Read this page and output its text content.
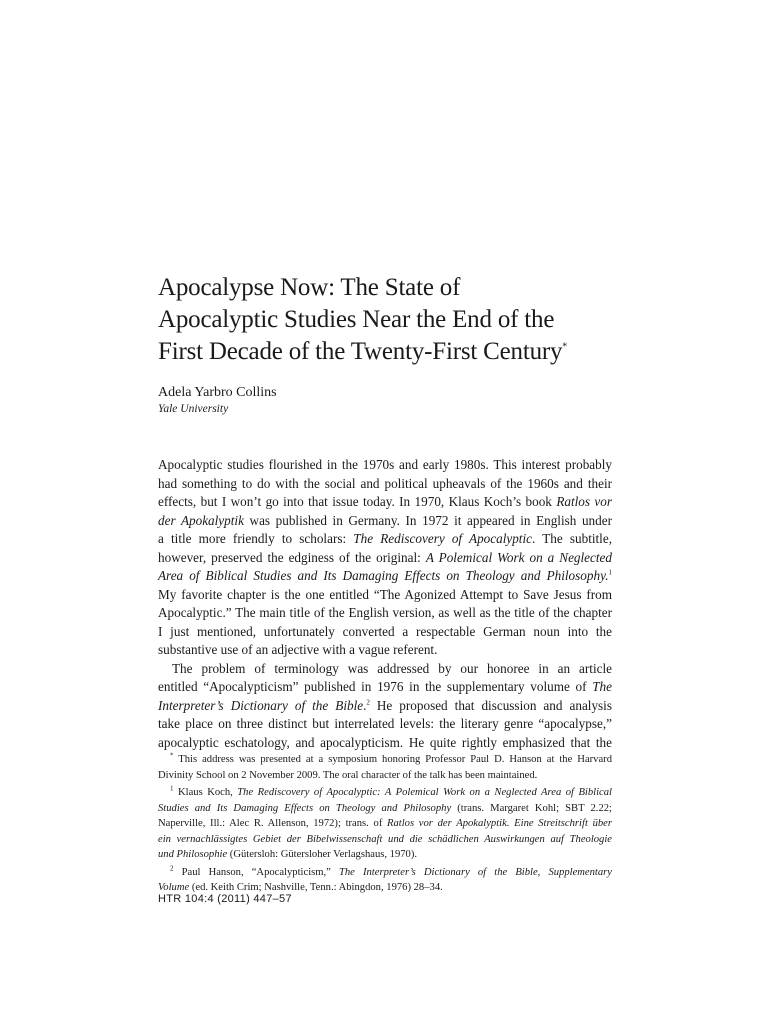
Apocalypse Now: The State of
Apocalyptic Studies Near the End of the
First Decade of the Twenty-First Century*
Adela Yarbro Collins
Yale University
Apocalyptic studies flourished in the 1970s and early 1980s. This interest probably
had something to do with the social and political upheavals of the 1960s and their
effects, but I won’t go into that issue today. In 1970, Klaus Koch’s book Ratlos vor
der Apokalyptik was published in Germany. In 1972 it appeared in English under
a title more friendly to scholars: The Rediscovery of Apocalyptic. The subtitle,
however, preserved the edginess of the original: A Polemical Work on a Neglected
Area of Biblical Studies and Its Damaging Effects on Theology and Philosophy.$^1$
My favorite chapter is the one entitled “The Agonized Attempt to Save Jesus from
Apocalyptic.” The main title of the English version, as well as the title of the chapter
I just mentioned, unfortunately converted a respectable German noun into the
substantive use of an adjective with a vague referent.
The problem of terminology was addressed by our honoree in an article
entitled “Apocalypticism” published in 1976 in the supplementary volume of The
Interpreter’s Dictionary of the Bible.$^2$ He proposed that discussion and analysis
take place on three distinct but interrelated levels: the literary genre “apocalypse,”
apocalyptic eschatology, and apocalypticism. He quite rightly emphasized that the
* This address was presented at a symposium honoring Professor Paul D. Hanson at the Harvard
Divinity School on 2 November 2009. The oral character of the talk has been maintained.
$^1$ Klaus Koch, The Rediscovery of Apocalyptic: A Polemical Work on a Neglected Area of Biblical
Studies and Its Damaging Effects on Theology and Philosophy (trans. Margaret Kohl; SBT 2.22;
Naperville, Ill.: Alec R. Allenson, 1972); trans. of Ratlos vor der Apokalyptik. Eine Streitschrift über
ein vernachlässigtes Gebiet der Bibelwissenschaft und die schädlichen Auswirkungen auf Theologie
und Philosophie (Gütersloh: Gütersloher Verlagshaus, 1970).
$^2$ Paul Hanson, “Apocalypticism,” The Interpreter’s Dictionary of the Bible, Supplementary
Volume (ed. Keith Crim; Nashville, Tenn.: Abingdon, 1976) 28–34.
HTR 104:4 (2011) 447–57
